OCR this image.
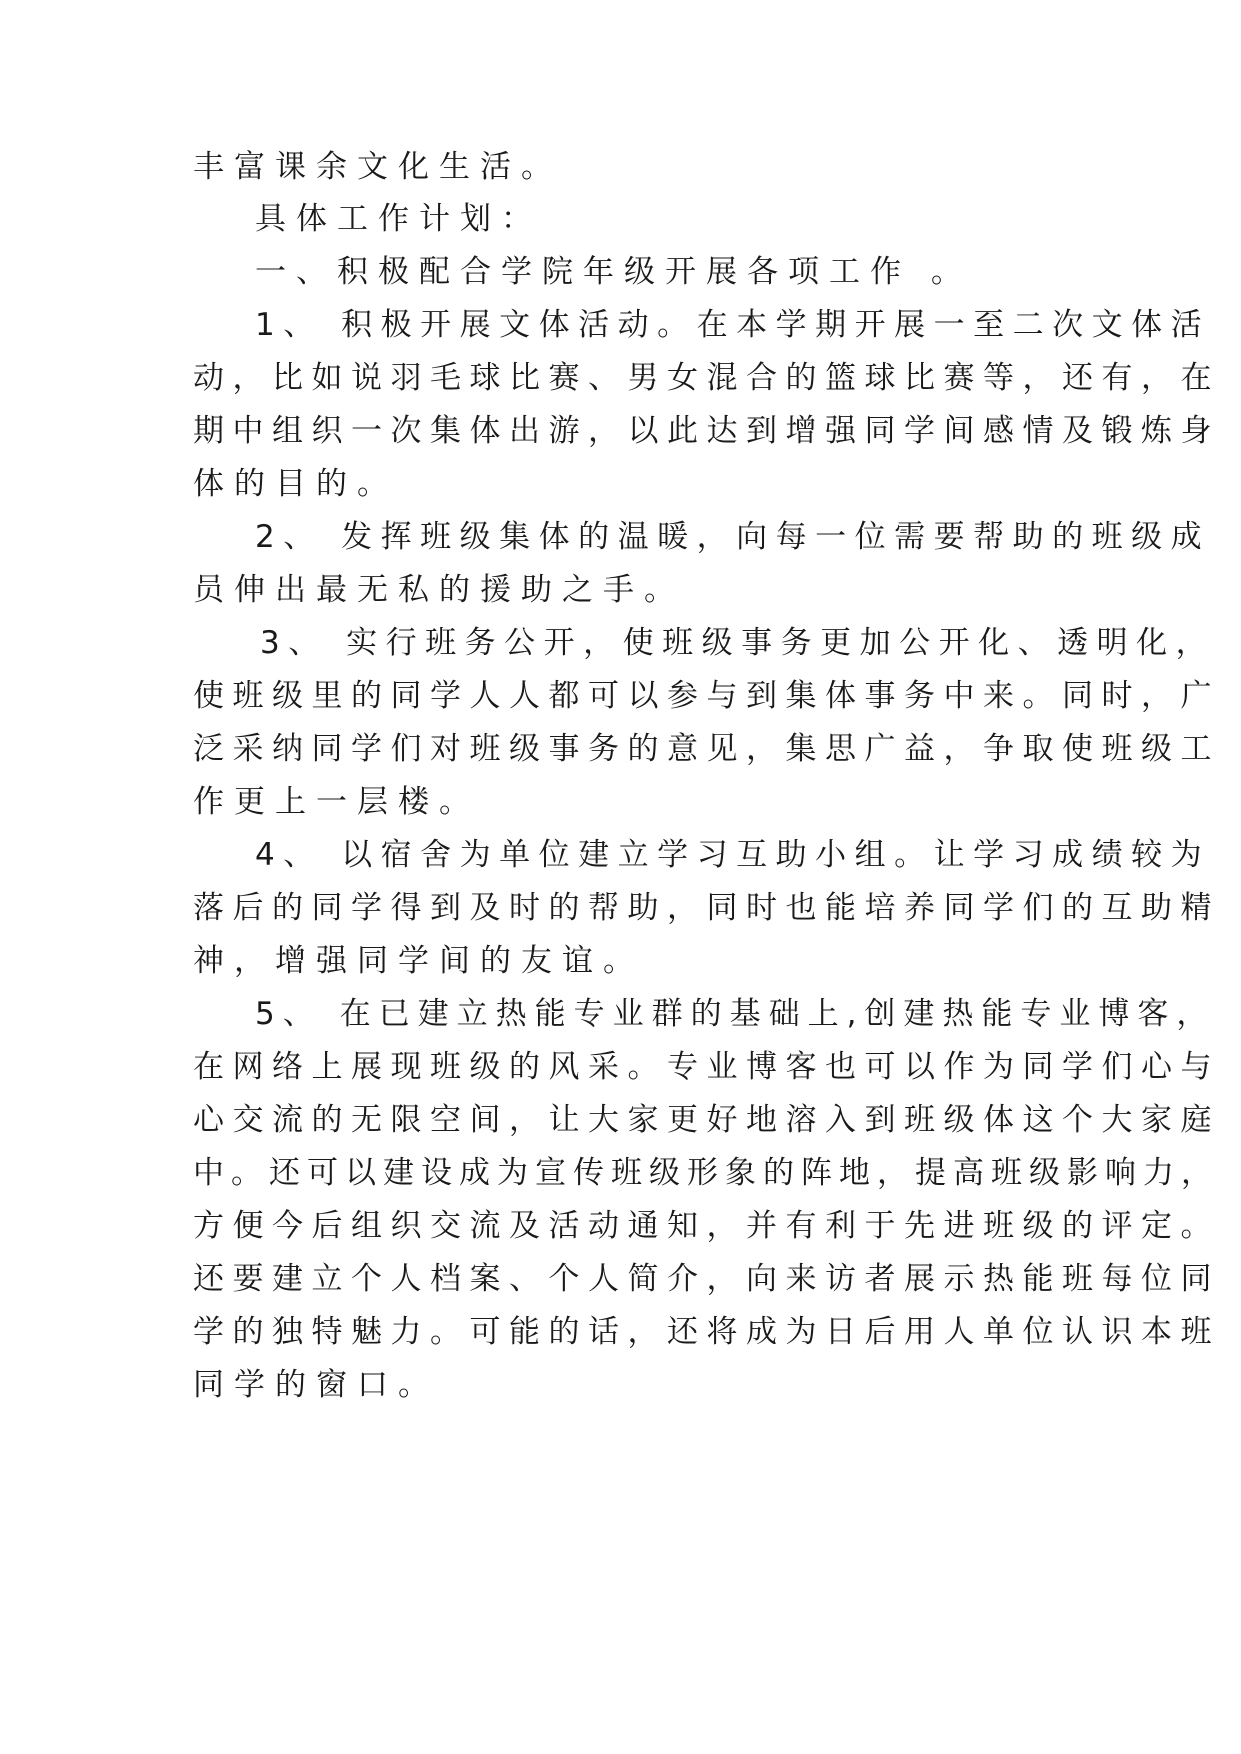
丰富课余文化生活。
具体工作计划：
一、积极配合学院年级开展各项工作 。
1、 积极开展文体活动。在本学期开展一至二次文体活
动，比如说羽毛球比赛、男女混合的篮球比赛等，还有，在
期中组织一次集体出游，以此达到增强同学间感情及锻炼身
体的目的。
2、 发挥班级集体的温暖，向每一位需要帮助的班级成
员伸出最无私的援助之手。
3、 实行班务公开，使班级事务更加公开化、透明化，
使班级里的同学人人都可以参与到集体事务中来。同时，广
泛采纳同学们对班级事务的意见，集思广益，争取使班级工
作更上一层楼。
4、 以宿舍为单位建立学习互助小组。让学习成绩较为
落后的同学得到及时的帮助，同时也能培养同学们的互助精
神，增强同学间的友谊。
5、 在已建立热能专业群的基础上,创建热能专业博客，
在网络上展现班级的风采。专业博客也可以作为同学们心与
心交流的无限空间，让大家更好地溶入到班级体这个大家庭
中。还可以建设成为宣传班级形象的阵地，提高班级影响力，
方便今后组织交流及活动通知，并有利于先进班级的评定。
还要建立个人档案、个人简介，向来访者展示热能班每位同
学的独特魅力。可能的话，还将成为日后用人单位认识本班
同学的窗口。
